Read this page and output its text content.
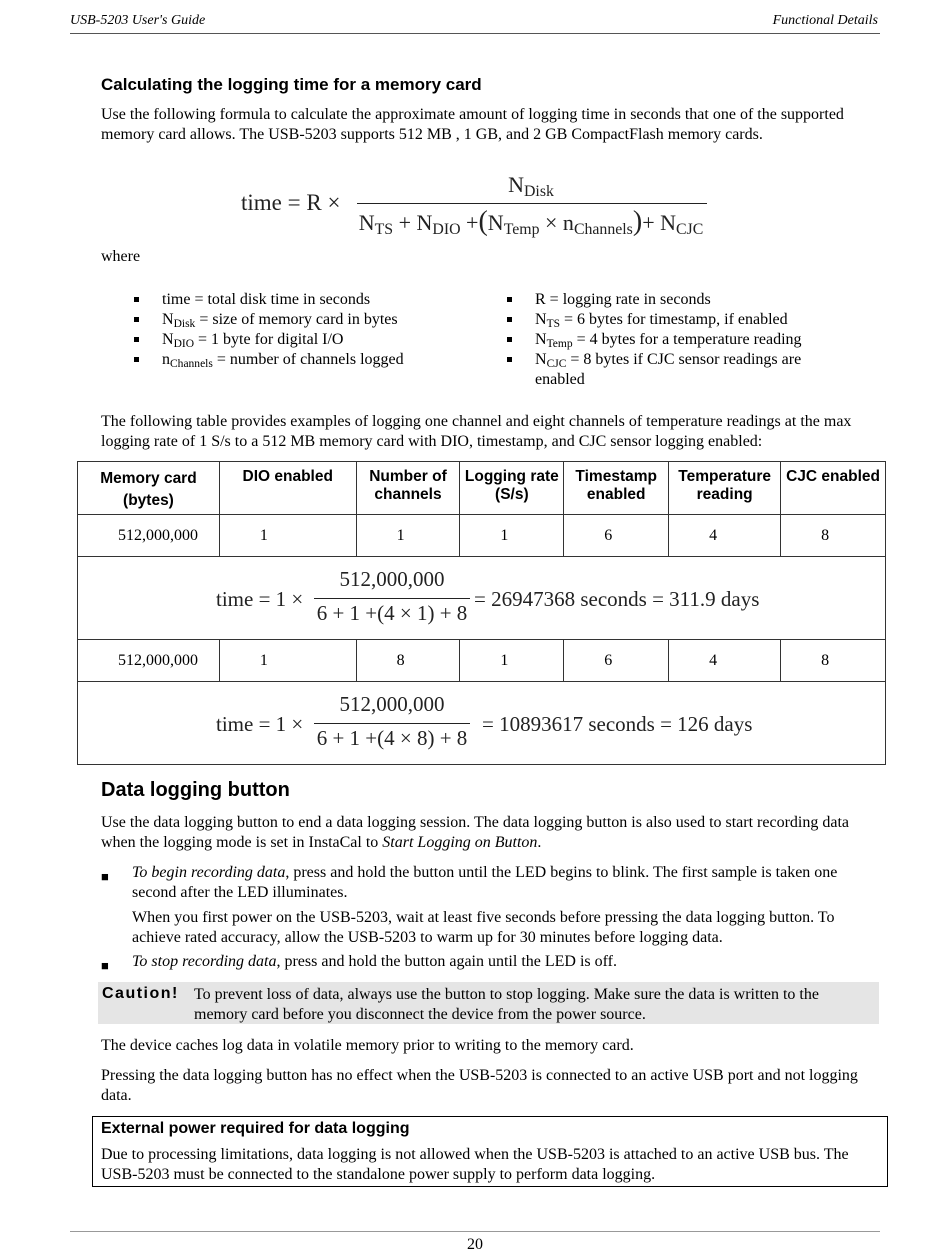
USB-5203 User's Guide	Functional Details
Calculating the logging time for a memory card

Use the following formula to calculate the approximate amount of logging time in seconds that one of the supported memory card allows. The USB-5203 supports 512 MB , 1 GB, and 2 GB CompactFlash memory cards.

time = R ×
$N_{Disk}$
$N_{TS} + N_{DIO} +(N_{Temp} \times n_{Channels})+ N_{CJC}$

where

time = total disk time in seconds
$N_{Disk}$ = size of memory card in bytes
$N_{DIO} = 1$ byte for digital I/O
$n_{Channels}$ = number of channels logged
R = logging rate in seconds
$N_{TS} = 6$ bytes for timestamp, if enabled
$N_{Temp} = 4$ bytes for a temperature reading
$N_{CJC} = 8$ bytes if CJC sensor readings are enabled

The following table provides examples of logging one channel and eight channels of temperature readings at the max logging rate of 1 S/s to a 512 MB memory card with DIO, timestamp, and CJC sensor logging enabled:

Memory card (bytes)	DIO enabled	Number of channels	Logging rate (S/s)	Timestamp enabled	Temperature reading	CJC enabled
512,000,000	1	1	1	6	4	8

time = 1 ×
512,000,000
6 + 1 +(4 × 1) + 8
= 26947368 seconds = 311.9 days						

512,000,000	1	8	1	6	4	8

time = 1 ×
512,000,000
6 + 1 +(4 × 8) + 8
= 10893617 seconds = 126 days						
Data logging button

Use the data logging button to end a data logging session. The data logging button is also used to start recording data when the logging mode is set in InstaCal to Start Logging on Button.

■ To begin recording data, press and hold the button until the LED begins to blink. The first sample is taken one second after the LED illuminates.

When you first power on the USB-5203, wait at least five seconds before pressing the data logging button. To achieve rated accuracy, allow the USB-5203 to warm up for 30 minutes before logging data.

■ To stop recording data, press and hold the button again until the LED is off.

Caution! To prevent loss of data, always use the button to stop logging. Make sure the data is written to the memory card before you disconnect the device from the power source.

The device caches log data in volatile memory prior to writing to the memory card.

Pressing the data logging button has no effect when the USB-5203 is connected to an active USB port and not logging data.

External power required for data logging
Due to processing limitations, data logging is not allowed when the USB-5203 is attached to an active USB bus. The USB-5203 must be connected to the standalone power supply to perform data logging.
20
